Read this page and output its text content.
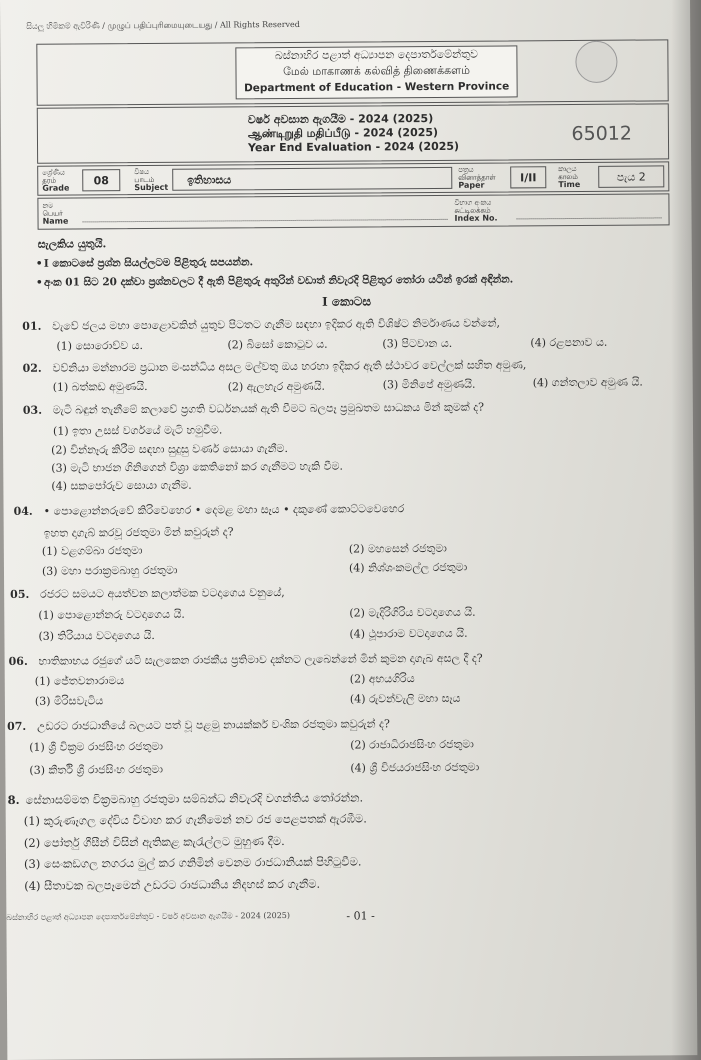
සියලු හිමිකම් ඇවිරිණි / முழுப் பதிப்புரிமையுடையது / All Rights Reserved
බස්නාහිර පළාත් අධ්‍යාපන දෙපාර්තමේන්තුව
மேல் மாகாணக் கல்வித் திணைக்களம்
Department of Education - Western Province
වර්ෂ අවසාන ඇගයීම - 2024 (2025)
ஆண்டிறுதி மதிப்பீடு - 2024 (2025)
Year End Evaluation - 2024 (2025)
65012
ශ්‍රේණිය
தரம்
Grade
08
විෂය
பாடம்
Subject
ඉතිහාසය
පත්‍රය
வினாத்தாள்
Paper
I/II
කාලය
காலம்
Time
පැය 2
නම
பெயர்
Name
විභාග අංකය
சுட்டிலக்கம்
Index No.
සැලකිය යුතුයි.
•I කොටසේ ප්‍රශ්න සියල්ලටම පිළිතුරු සපයන්න.
•අංක 01 සිට 20 දක්වා ප්‍රශ්නවලට දී ඇති පිළිතුරු අතුරින් වඩාත් නිවැරදි පිළිතුර තෝරා යටින් ඉරක් අඳින්න.
I කොටස
01. වැවේ ජලය මහා පොළොවකින් යුතුව පිටතට ගැනීම සඳහා ඉදිකර ඇති විශිෂ්ට නිර්මාණය වන්නේ,
(1) සොරොව්ව ය.	(2) බිසෝ කොටුව ය.	(3) පිටවාන ය.	(4) රළපනාව ය.
02. වව්නියා මන්නාරම ප්‍රධාන මංසන්ධිය අසල මල්වතු ඔය හරහා ඉදිකර ඇති ස්ථාවර වෙල්ලක් සහිත අමුණ,
(1) බත්කඩ අමුණයි.	(2) ඇලහැර අමුණයි.	(3) මිනිපේ අමුණයි.	(4) ගන්තලාව අමුණ යි.
03. මැටි බඳුන් තැනීමේ කලාවේ ප්‍රගති වර්ධනයක් ඇති වීමට බලපෑ ප්‍රමුඛතම සාධකය මින් කුමක් ද?
(1) ඉතා උසස් වර්ගයේ මැටි හමුවීම.
(2) වින්නෑරු කිරීම සඳහා සුදුසු වර්ණ සොයා ගැනීම.
(3) මැටි භාජන ගිනිගෙන් විශ්‍රා කෙතිනෝ කර ගැනීමට හැකි වීම.
(4) සකපෝරුව සොයා ගැනීම.
04. • පොළොන්නරුවේ කිරිවෙහෙර • දෙමළ මහා සෑය • දකුණේ කොට්ටවෙහෙර
ඉහත දාගැබ් කරවූ රජතුමා මින් කවුරුන් ද?
(1) වළගම්බා රජතුමා	(2) මහසෙන් රජතුමා
(3) මහා පරාක්‍රමබාහු රජතුමා	(4) නිශ්ශංකමල්ල රජතුමා
05. රජරට සමයට අයත්වන කලාත්මක වටදාගෙය වනුයේ,
(1) පොළොන්නරු වටදාගෙය යි.	(2) මැදිරිගිරිය වටදාගෙය යි.
(3) තිරියාය වටදාගෙය යි.	(4) ථූපාරාම වටදාගෙය යි.
06. භාතිකාභය රජුගේ යටි සැලකෙන රාජකීය ප්‍රතිමාව දක්නට ලැබෙන්නේ මින් කුමන දාගැබ අසල දී ද?
(1) ජේතවනාරාමය	(2) අභයගිරිය
(3) මිරිසවැටිය	(4) රුවන්වැලි මහා සෑය
07. උඩරට රාජධානියේ බලයට පත් වූ පළමු නායක්කර් වංශික රජතුමා කවුරුන් ද?
(1) ශ්‍රී වික්‍රම රාජසිංහ රජතුමා	(2) රාජාධිරාජසිංහ රජතුමා
(3) කීර්ති ශ්‍රී රාජසිංහ රජතුමා	(4) ශ්‍රී විජයරාජසිංහ රජතුමා
8. සේනාසම්මත වික්‍රමබාහු රජතුමා සම්බන්ධ නිවැරදි වගන්තිය තෝරන්න.
(1) කුරුණෑගල දේවිය විවාහ කර ගැනීමෙන් නව රජ පෙළපතක් ඇරඹීම.
(2) පෝර්තු ගීසීන් විසින් ඇතිකළ කැරැල්ලට මුහුණ දීම.
(3) සෙංකඩගල නගරය මුල් කර ගනිමින් වෙනම රාජධානියක් පිහිටුවීම.
(4) සීතාවක බලපෑමෙන් උඩරට රාජධානිය නිදහස් කර ගැනීම.
බස්නාහිර පළාත් අධ්‍යාපන දෙපාර්තමේන්තුව - වර්ෂ අවසාන ඇගයීම - 2024 (2025)	- 01 -
